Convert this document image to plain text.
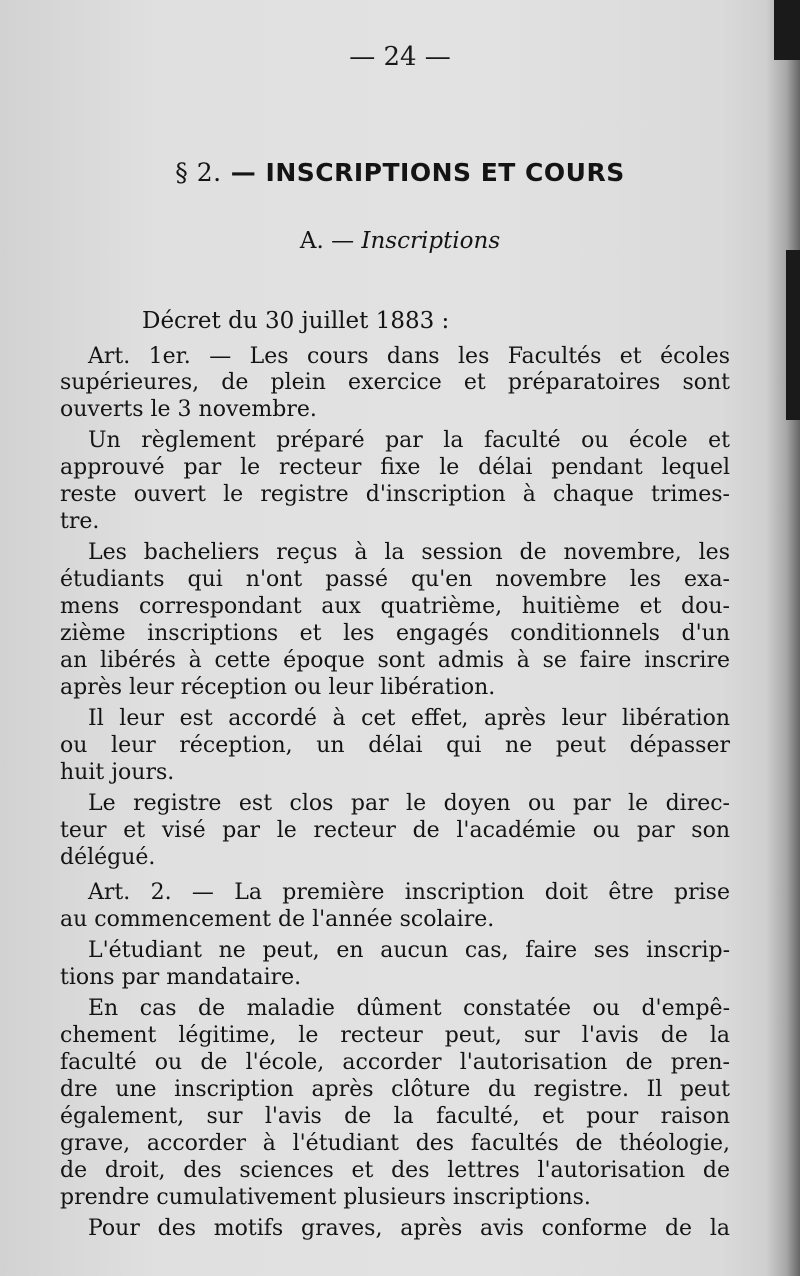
— 24 —
§ 2. — INSCRIPTIONS ET COURS
A. — Inscriptions
Décret du 30 juillet 1883 :
Art. 1er. — Les cours dans les Facultés et écoles
supérieures, de plein exercice et préparatoires sont
ouverts le 3 novembre.
Un règlement préparé par la faculté ou école et
approuvé par le recteur fixe le délai pendant lequel
reste ouvert le registre d'inscription à chaque trimes-
tre.
Les bacheliers reçus à la session de novembre, les
étudiants qui n'ont passé qu'en novembre les exa-
mens correspondant aux quatrième, huitième et dou-
zième inscriptions et les engagés conditionnels d'un
an libérés à cette époque sont admis à se faire inscrire
après leur réception ou leur libération.
Il leur est accordé à cet effet, après leur libération
ou leur réception, un délai qui ne peut dépasser
huit jours.
Le registre est clos par le doyen ou par le direc-
teur et visé par le recteur de l'académie ou par son
délégué.
Art. 2. — La première inscription doit être prise
au commencement de l'année scolaire.
L'étudiant ne peut, en aucun cas, faire ses inscrip-
tions par mandataire.
En cas de maladie dûment constatée ou d'empê-
chement légitime, le recteur peut, sur l'avis de la
faculté ou de l'école, accorder l'autorisation de pren-
dre une inscription après clôture du registre. Il peut
également, sur l'avis de la faculté, et pour raison
grave, accorder à l'étudiant des facultés de théologie,
de droit, des sciences et des lettres l'autorisation de
prendre cumulativement plusieurs inscriptions.
Pour des motifs graves, après avis conforme de la
